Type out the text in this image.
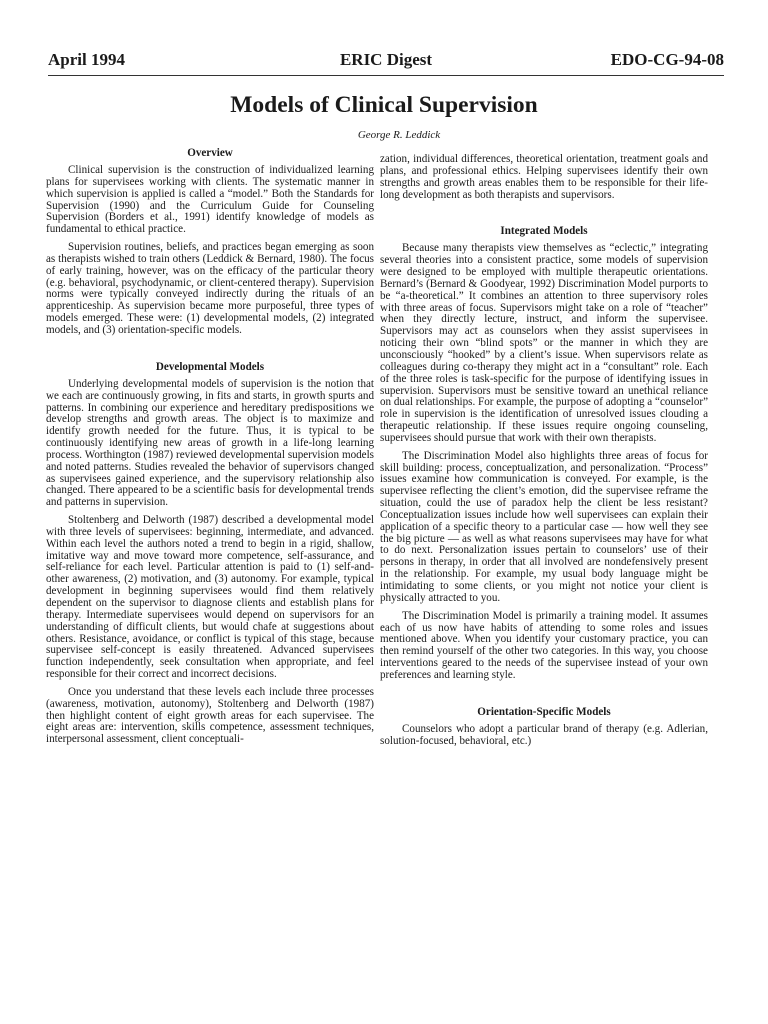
April 1994	ERIC Digest	EDO-CG-94-08
Models of Clinical Supervision
George R. Leddick
Overview

Clinical supervision is the construction of individualized learning plans for supervisees working with clients. The systematic manner in which supervision is applied is called a “model.” Both the Standards for Supervision (1990) and the Curriculum Guide for Counseling Supervision (Borders et al., 1991) identify knowledge of models as fundamental to ethical practice.

Supervision routines, beliefs, and practices began emerging as soon as therapists wished to train others (Leddick & Bernard, 1980). The focus of early training, however, was on the efficacy of the particular theory (e.g. behavioral, psychodynamic, or client-centered therapy). Supervision norms were typically conveyed indirectly during the rituals of an apprenticeship. As supervision became more purposeful, three types of models emerged. These were: (1) developmental models, (2) integrated models, and (3) orientation-specific models.

Developmental Models

Underlying developmental models of supervision is the notion that we each are continuously growing, in fits and starts, in growth spurts and patterns. In combining our experience and hereditary predispositions we develop strengths and growth areas. The object is to maximize and identify growth needed for the future. Thus, it is typical to be continuously identifying new areas of growth in a life-long learning process. Worthington (1987) reviewed developmental supervision models and noted patterns. Studies revealed the behavior of supervisors changed as supervisees gained experience, and the supervisory relationship also changed. There appeared to be a scientific basis for developmental trends and patterns in supervision.

Stoltenberg and Delworth (1987) described a developmental model with three levels of supervisees: beginning, intermediate, and advanced. Within each level the authors noted a trend to begin in a rigid, shallow, imitative way and move toward more competence, self-assurance, and self-reliance for each level. Particular attention is paid to (1) self-and-other awareness, (2) motivation, and (3) autonomy. For example, typical development in beginning supervisees would find them relatively dependent on the supervisor to diagnose clients and establish plans for therapy. Intermediate supervisees would depend on supervisors for an understanding of difficult clients, but would chafe at suggestions about others. Resistance, avoidance, or conflict is typical of this stage, because supervisee self-concept is easily threatened. Advanced supervisees function independently, seek consultation when appropriate, and feel responsible for their correct and incorrect decisions.

Once you understand that these levels each include three processes (awareness, motivation, autonomy), Stoltenberg and Delworth (1987) then highlight content of eight growth areas for each supervisee. The eight areas are: intervention, skills competence, assessment techniques, interpersonal assessment, client conceptuali-

zation, individual differences, theoretical orientation, treatment goals and plans, and professional ethics. Helping supervisees identify their own strengths and growth areas enables them to be responsible for their life-long development as both therapists and supervisors.

Integrated Models

Because many therapists view themselves as “eclectic,” integrating several theories into a consistent practice, some models of supervision were designed to be employed with multiple therapeutic orientations. Bernard’s (Bernard & Goodyear, 1992) Discrimination Model purports to be “a-theoretical.” It combines an attention to three supervisory roles with three areas of focus. Supervisors might take on a role of “teacher” when they directly lecture, instruct, and inform the supervisee. Supervisors may act as counselors when they assist supervisees in noticing their own “blind spots” or the manner in which they are unconsciously “hooked” by a client’s issue. When supervisors relate as colleagues during co-therapy they might act in a “consultant” role. Each of the three roles is task-specific for the purpose of identifying issues in supervision. Supervisors must be sensitive toward an unethical reliance on dual relationships. For example, the purpose of adopting a “counselor” role in supervision is the identification of unresolved issues clouding a therapeutic relationship. If these issues require ongoing counseling, supervisees should pursue that work with their own therapists.

The Discrimination Model also highlights three areas of focus for skill building: process, conceptualization, and personalization. “Process” issues examine how communication is conveyed. For example, is the supervisee reflecting the client’s emotion, did the supervisee reframe the situation, could the use of paradox help the client be less resistant? Conceptualization issues include how well supervisees can explain their application of a specific theory to a particular case — how well they see the big picture — as well as what reasons supervisees may have for what to do next. Personalization issues pertain to counselors’ use of their persons in therapy, in order that all involved are nondefensively present in the relationship. For example, my usual body language might be intimidating to some clients, or you might not notice your client is physically attracted to you.

The Discrimination Model is primarily a training model. It assumes each of us now have habits of attending to some roles and issues mentioned above. When you identify your customary practice, you can then remind yourself of the other two categories. In this way, you choose interventions geared to the needs of the supervisee instead of your own preferences and learning style.

Orientation-Specific Models

Counselors who adopt a particular brand of therapy (e.g. Adlerian, solution-focused, behavioral, etc.)
